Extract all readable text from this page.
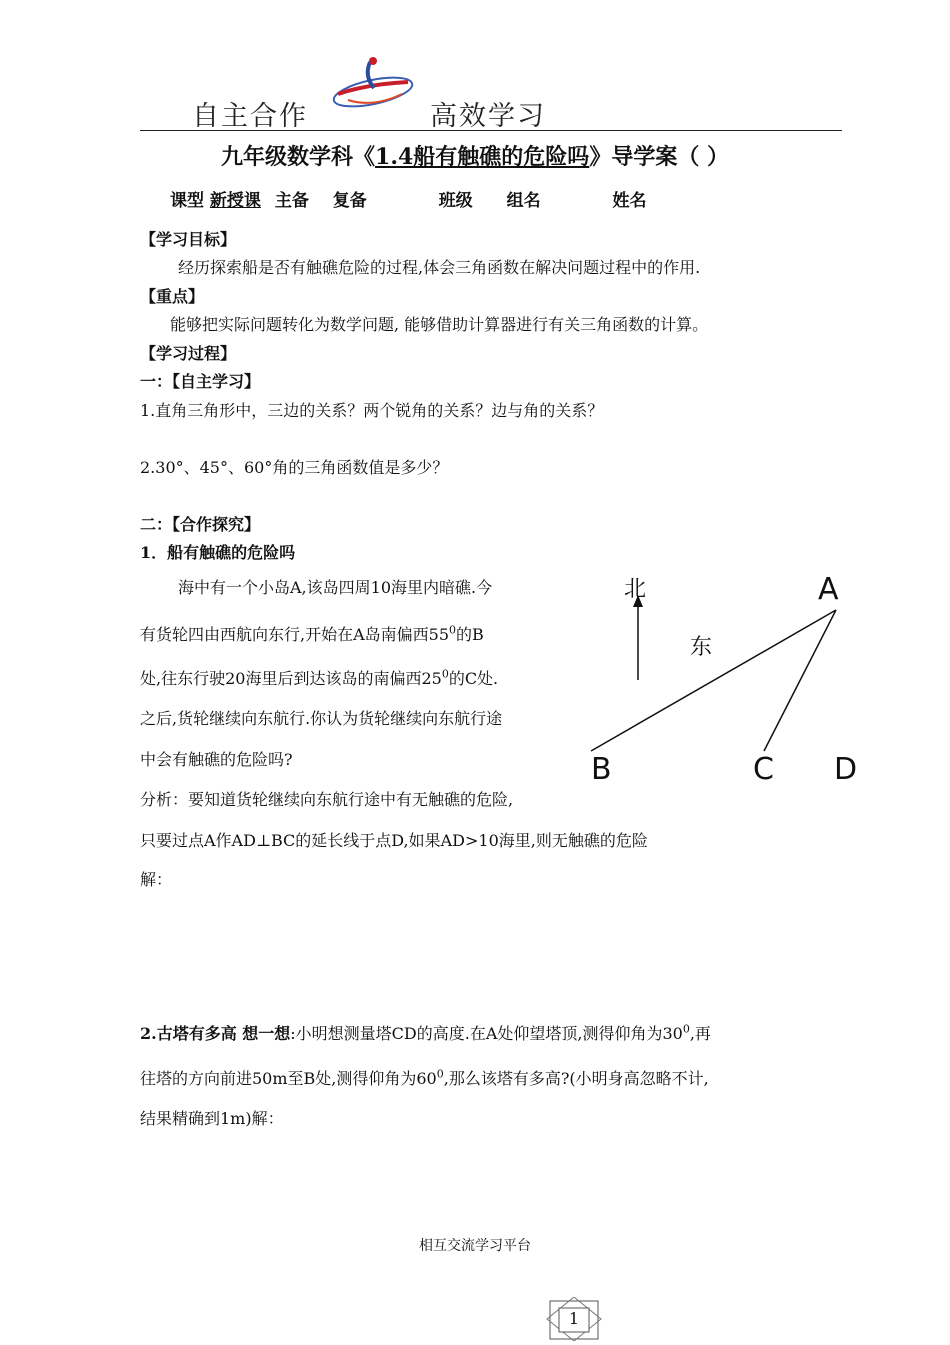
自主合作	高效学习
九年级数学科《1.4船有触礁的危险吗》导学案（ ）
课型 新授课 主备 复备	班级 组名	姓名
【学习目标】
经历探索船是否有触礁危险的过程,体会三角函数在解决问题过程中的作用.
【重点】
能够把实际问题转化为数学问题, 能够借助计算器进行有关三角函数的计算。
【学习过程】
一：【自主学习】
1.直角三角形中，三边的关系？两个锐角的关系？边与角的关系？
2.30°、45°、60°角的三角函数值是多少？
二：【合作探究】
1．船有触礁的危险吗
海中有一个小岛A,该岛四周10海里内暗礁.今
有货轮四由西航向东行,开始在A岛南偏西$55^0$的B
处,往东行驶20海里后到达该岛的南偏西$25^0$的C处.
之后,货轮继续向东航行.你认为货轮继续向东航行途
中会有触礁的危险吗?
分析：要知道货轮继续向东航行途中有无触礁的危险,
只要过点A作AD⊥BC的延长线于点D,如果AD>10海里,则无触礁的危险
解：
北
东
A
B	C D
2.古塔有多高 想一想:小明想测量塔CD的高度.在A处仰望塔顶,测得仰角为$30^0$,再
往塔的方向前进50m至B处,测得仰角为$60^0$,那么该塔有多高?(小明身高忽略不计,
结果精确到1m)解：
相互交流学习平台
1
